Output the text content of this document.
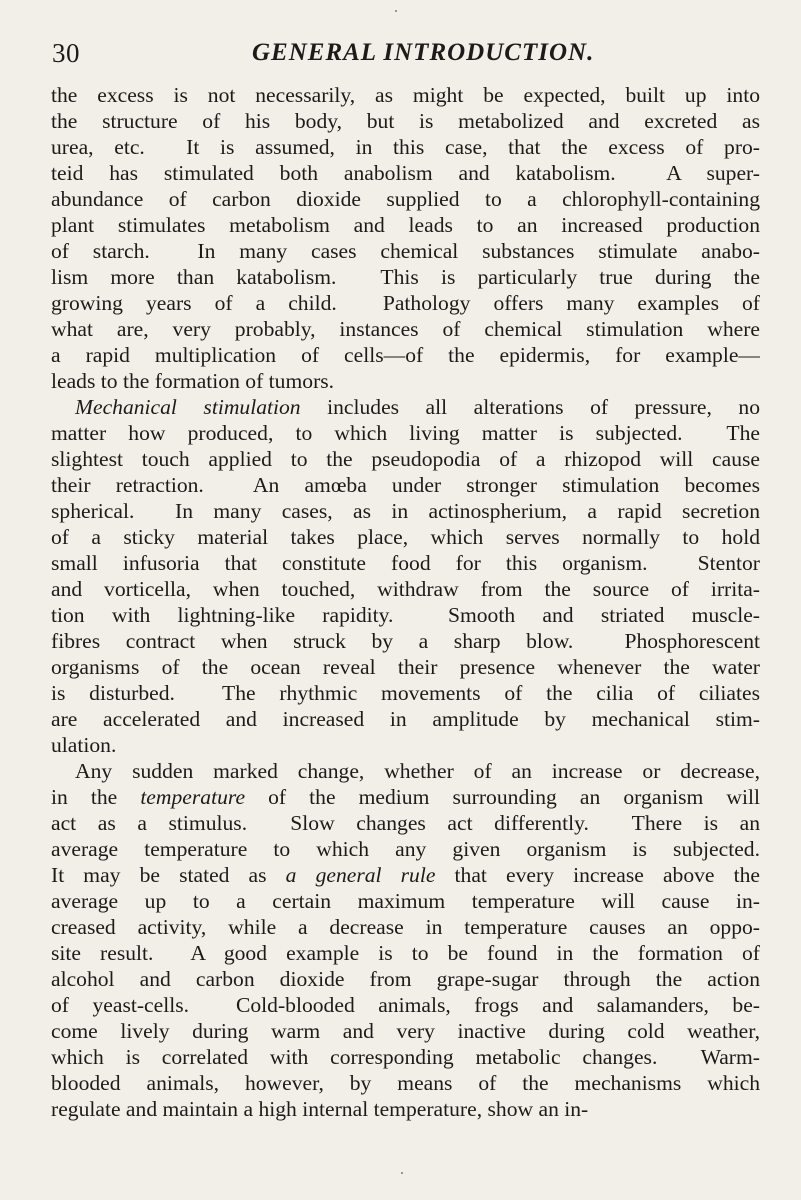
30	GENERAL INTRODUCTION.
the excess is not necessarily, as might be expected, built up into
the structure of his body, but is metabolized and excreted as
urea, etc.  It is assumed, in this case, that the excess of pro-
teid has stimulated both anabolism and katabolism.  A super-
abundance of carbon dioxide supplied to a chlorophyll-containing
plant stimulates metabolism and leads to an increased production
of starch.  In many cases chemical substances stimulate anabo-
lism more than katabolism.  This is particularly true during the
growing years of a child.  Pathology offers many examples of
what are, very probably, instances of chemical stimulation where
a rapid multiplication of cells—of the epidermis, for example—
leads to the formation of tumors.
Mechanical stimulation includes all alterations of pressure, no
matter how produced, to which living matter is subjected.  The
slightest touch applied to the pseudopodia of a rhizopod will cause
their retraction.  An amœba under stronger stimulation becomes
spherical.  In many cases, as in actinospherium, a rapid secretion
of a sticky material takes place, which serves normally to hold
small infusoria that constitute food for this organism.  Stentor
and vorticella, when touched, withdraw from the source of irrita-
tion with lightning-like rapidity.  Smooth and striated muscle-
fibres contract when struck by a sharp blow.  Phosphorescent
organisms of the ocean reveal their presence whenever the water
is disturbed.  The rhythmic movements of the cilia of ciliates
are accelerated and increased in amplitude by mechanical stim-
ulation.
Any sudden marked change, whether of an increase or decrease,
in the temperature of the medium surrounding an organism will
act as a stimulus.  Slow changes act differently.  There is an
average temperature to which any given organism is subjected.
It may be stated as a general rule that every increase above the
average up to a certain maximum temperature will cause in-
creased activity, while a decrease in temperature causes an oppo-
site result.  A good example is to be found in the formation of
alcohol and carbon dioxide from grape-sugar through the action
of yeast-cells.  Cold-blooded animals, frogs and salamanders, be-
come lively during warm and very inactive during cold weather,
which is correlated with corresponding metabolic changes.  Warm-
blooded animals, however, by means of the mechanisms which
regulate and maintain a high internal temperature, show an in-
